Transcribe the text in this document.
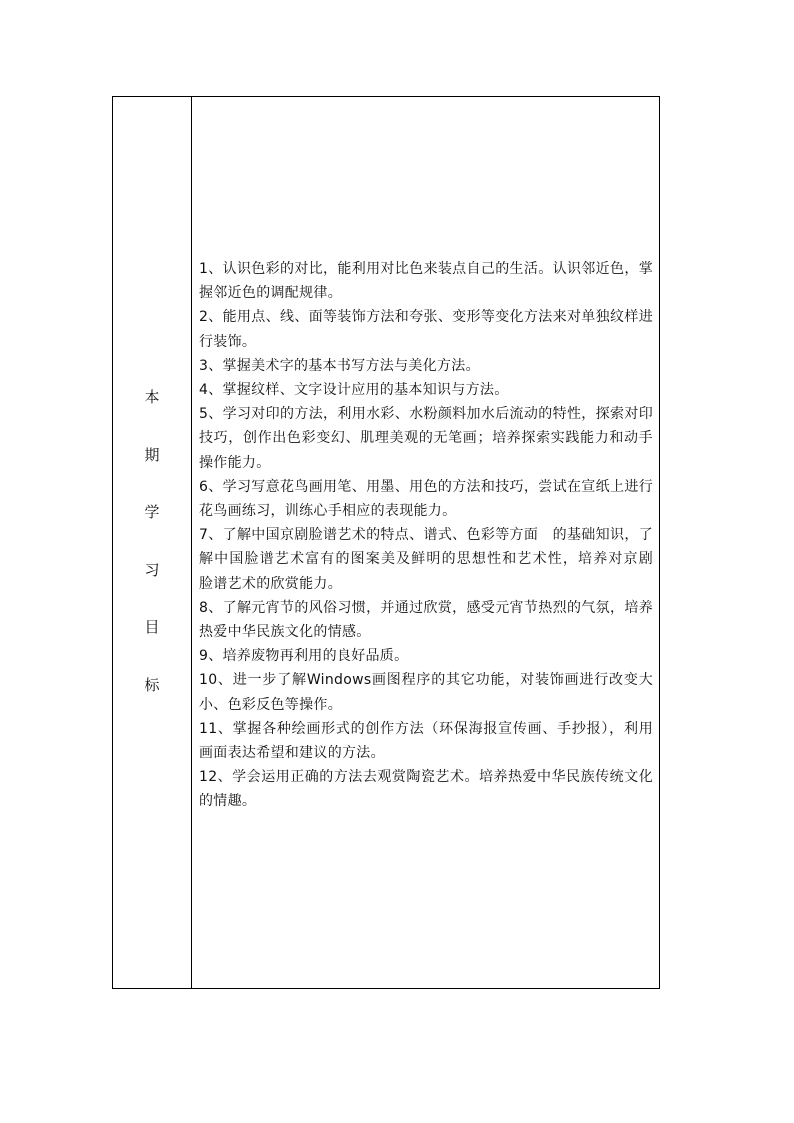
本
期
学
习
目
标
1、认识色彩的对比，能利用对比色来装点自己的生活。认识邻近色，掌握邻近色的调配规律。
2、能用点、线、面等装饰方法和夸张、变形等变化方法来对单独纹样进行装饰。
3、掌握美术字的基本书写方法与美化方法。
4、掌握纹样、文字设计应用的基本知识与方法。
5、学习对印的方法，利用水彩、水粉颜料加水后流动的特性，探索对印技巧，创作出色彩变幻、肌理美观的无笔画；培养探索实践能力和动手操作能力。
6、学习写意花鸟画用笔、用墨、用色的方法和技巧，尝试在宣纸上进行花鸟画练习，训练心手相应的表现能力。
7、了解中国京剧脸谱艺术的特点、谱式、色彩等方面　的基础知识，了解中国脸谱艺术富有的图案美及鲜明的思想性和艺术性，培养对京剧　脸谱艺术的欣赏能力。
8、了解元宵节的风俗习惯，并通过欣赏，感受元宵节热烈的气氛，培养热爱中华民族文化的情感。
9、培养废物再利用的良好品质。
10、进一步了解Windows画图程序的其它功能，对装饰画进行改变大小、色彩反色等操作。
11、掌握各种绘画形式的创作方法（环保海报宣传画、手抄报），利用画面表达希望和建议的方法。
12、学会运用正确的方法去观赏陶瓷艺术。培养热爱中华民族传统文化的情趣。
